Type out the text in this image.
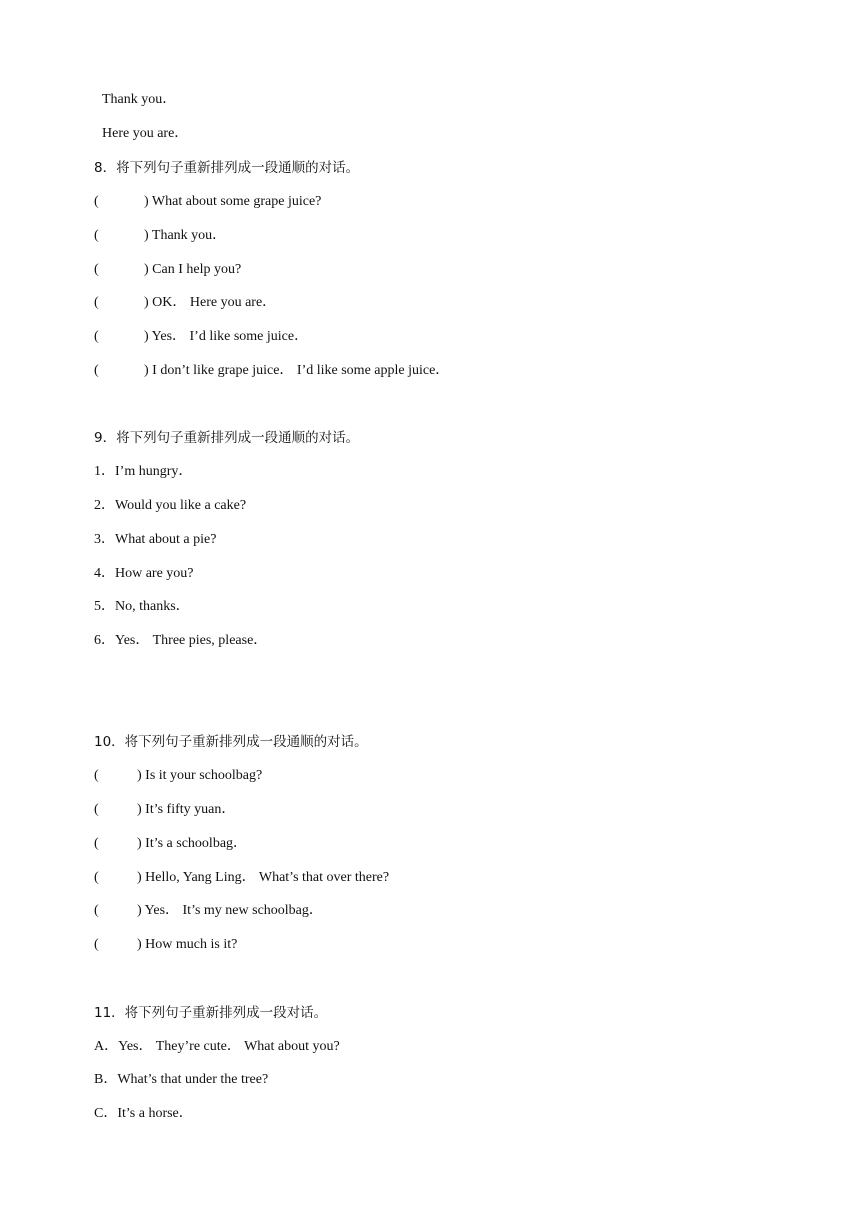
Thank you．
Here you are．
8．将下列句子重新排列成一段通顺的对话。

(

	) What about some grape juice?

(

	) Thank you．

(

	) Can I help you?

(

	) OK． Here you are．

(

	) Yes． I’d like some juice．

(

	) I don’t like grape juice． I’d like some apple juice．

9．将下列句子重新排列成一段通顺的对话。
1．I’m hungry．
2．Would you like a cake?
3．What about a pie?
4．How are you?
5．No, thanks．
6．Yes． Three pies, please．
10．将下列句子重新排列成一段通顺的对话。

(

	) Is it your schoolbag?

(

	) It’s fifty yuan．

(

	) It’s a schoolbag．

(

	) Hello, Yang Ling． What’s that over there?

(

	) Yes． It’s my new schoolbag．

(

	) How much is it?

11．将下列句子重新排列成一段对话。
A．Yes． They’re cute． What about you?
B．What’s that under the tree?
C．It’s a horse．
